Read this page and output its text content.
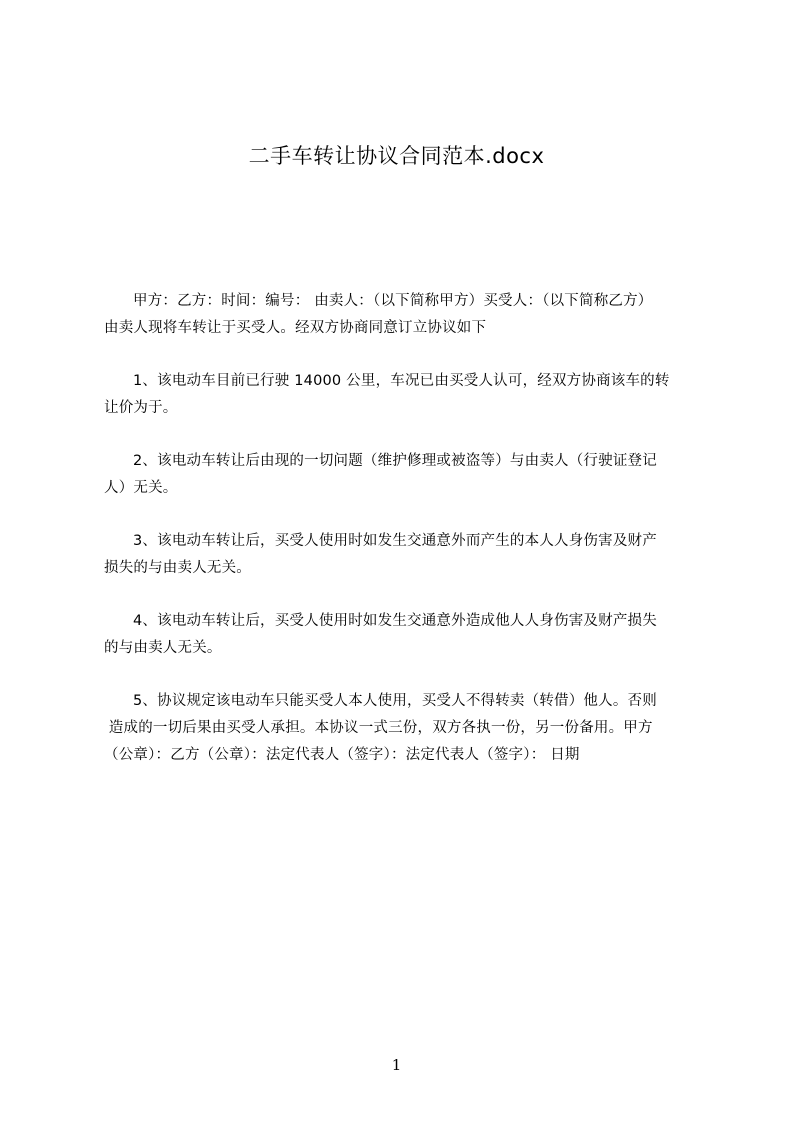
二手车转让协议合同范本.docx

甲方：乙方：时间：编号： 由卖人：（以下简称甲方）买受人：（以下简称乙方）
由卖人现将车转让于买受人。经双方协商同意订立协议如下

1、该电动车目前已行驶 14000 公里，车况已由买受人认可，经双方协商该车的转
让价为于。

2、该电动车转让后由现的一切问题（维护修理或被盗等）与由卖人（行驶证登记
人）无关。

3、该电动车转让后，买受人使用时如发生交通意外而产生的本人人身伤害及财产
损失的与由卖人无关。

4、该电动车转让后，买受人使用时如发生交通意外造成他人人身伤害及财产损失
的与由卖人无关。

5、协议规定该电动车只能买受人本人使用，买受人不得转卖（转借）他人。否则
造成的一切后果由买受人承担。本协议一式三份，双方各执一份，另一份备用。甲方
（公章）：乙方（公章）：法定代表人（签字）：法定代表人（签字）： 日期

1
